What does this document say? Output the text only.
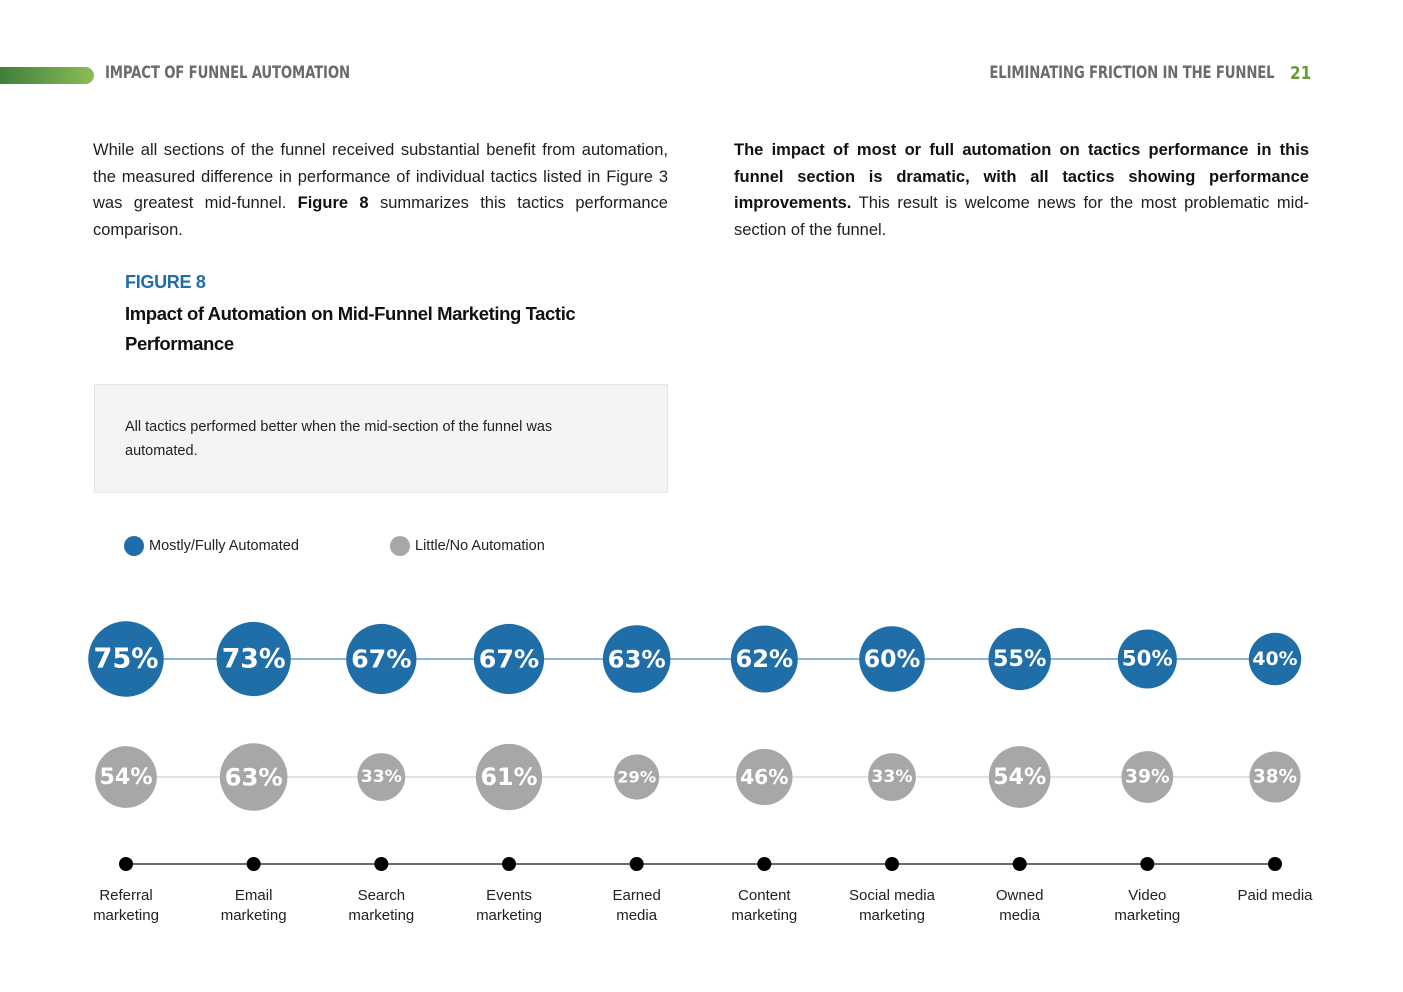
IMPACT OF FUNNEL AUTOMATION	ELIMINATING FRICTION IN THE FUNNEL 21
While all sections of the funnel received substantial benefit from automation, the measured difference in performance of individual tactics listed in Figure 3 was greatest mid-funnel. Figure 8 summarizes this tactics performance comparison.
The impact of most or full automation on tactics performance in this funnel section is dramatic, with all tactics showing performance improvements. This result is welcome news for the most problematic mid-section of the funnel.
FIGURE 8
Impact of Automation on Mid-Funnel Marketing Tactic Performance
All tactics performed better when the mid-section of the funnel was automated.
Mostly/Fully Automated	Little/No Automation
75% 73%	67%	67%	63%	62%	60%	55%	50%	40%
54%	63%	33%	61%	29%	46%	33%	54%	39%	38%
Referral
marketing
Email
marketing
Search
marketing
Events
marketing
Earned
media
Content
marketing
Social media
marketing
Owned
media
Video
marketing
Paid media
